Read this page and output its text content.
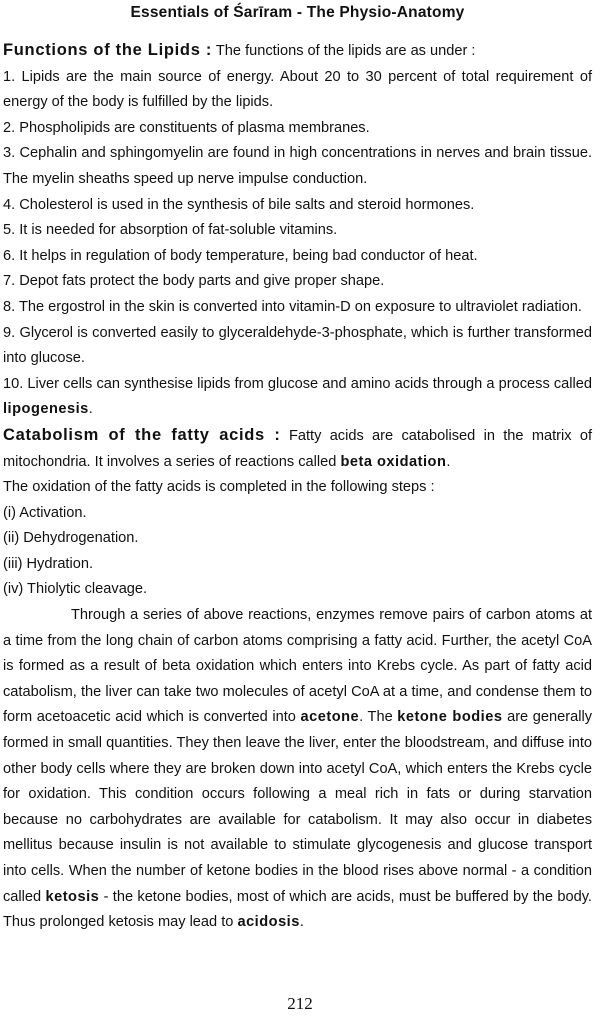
Essentials of Śarīram - The Physio-Anatomy

Functions of the Lipids : The functions of the lipids are as under :

1. Lipids are the main source of energy. About 20 to 30 percent of total requirement of energy of the body is fulfilled by the lipids.

2. Phospholipids are constituents of plasma membranes.

3. Cephalin and sphingomyelin are found in high concentrations in nerves and brain tissue. The myelin sheaths speed up nerve impulse conduction.

4. Cholesterol is used in the synthesis of bile salts and steroid hormones.

5. It is needed for absorption of fat-soluble vitamins.

6. It helps in regulation of body temperature, being bad conductor of heat.

7. Depot fats protect the body parts and give proper shape.

8. The ergostrol in the skin is converted into vitamin-D on exposure to ultraviolet radiation.

9. Glycerol is converted easily to glyceraldehyde-3-phosphate, which is further transformed into glucose.

10. Liver cells can synthesise lipids from glucose and amino acids through a process called lipogenesis.

Catabolism of the fatty acids : Fatty acids are catabolised in the matrix of mitochondria. It involves a series of reactions called beta oxidation.

The oxidation of the fatty acids is completed in the following steps :

(i) Activation.

(ii) Dehydrogenation.

(iii) Hydration.

(iv) Thiolytic cleavage.

Through a series of above reactions, enzymes remove pairs of carbon atoms at a time from the long chain of carbon atoms comprising a fatty acid. Further, the acetyl CoA is formed as a result of beta oxidation which enters into Krebs cycle. As part of fatty acid catabolism, the liver can take two molecules of acetyl CoA at a time, and condense them to form acetoacetic acid which is converted into acetone. The ketone bodies are generally formed in small quantities. They then leave the liver, enter the bloodstream, and diffuse into other body cells where they are broken down into acetyl CoA, which enters the Krebs cycle for oxidation. This condition occurs following a meal rich in fats or during starvation because no carbohydrates are available for catabolism. It may also occur in diabetes mellitus because insulin is not available to stimulate glycogenesis and glucose transport into cells. When the number of ketone bodies in the blood rises above normal - a condition called ketosis - the ketone bodies, most of which are acids, must be buffered by the body. Thus prolonged ketosis may lead to acidosis.

212
